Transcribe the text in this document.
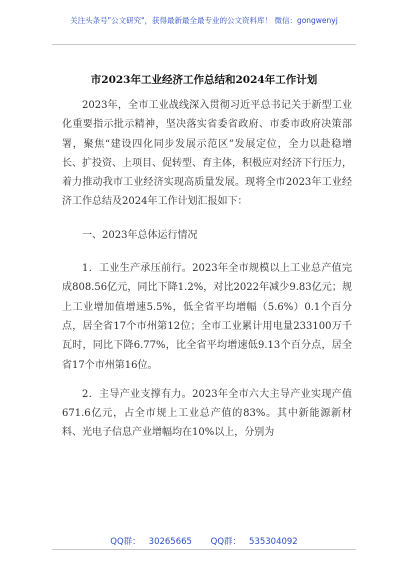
关注头条号"公文研究"，获得最新最全最专业的公文资料库！ 微信：gongwenyj
市2023年工业经济工作总结和2024年工作计划

2023年，全市工业战线深入贯彻习近平总书记关于新型工业化重要指示批示精神，坚决落实省委省政府、市委市政府决策部署，聚焦“建设四化同步发展示范区”发展定位，全力以赴稳增长、扩投资、上项目、促转型、育主体，积极应对经济下行压力，着力推动我市工业经济实现高质量发展。现将全市2023年工业经济工作总结及2024年工作计划汇报如下：

一、2023年总体运行情况

1．工业生产承压前行。2023年全市规模以上工业总产值完成808.56亿元，同比下降1.2%，对比2022年减少9.83亿元；规上工业增加值增速5.5%，低全省平均增幅（5.6%）0.1个百分点，居全省17个市州第12位；全市工业累计用电量233100万千瓦时，同比下降6.77%，比全省平均增速低9.13个百分点，居全省17个市州第16位。

2．主导产业支撑有力。2023年全市六大主导产业实现产值671.6亿元，占全市规上工业总产值的83%。其中新能源新材料、光电子信息产业增幅均在10%以上，分别为

QQ群： 30265665 QQ群： 535304092
